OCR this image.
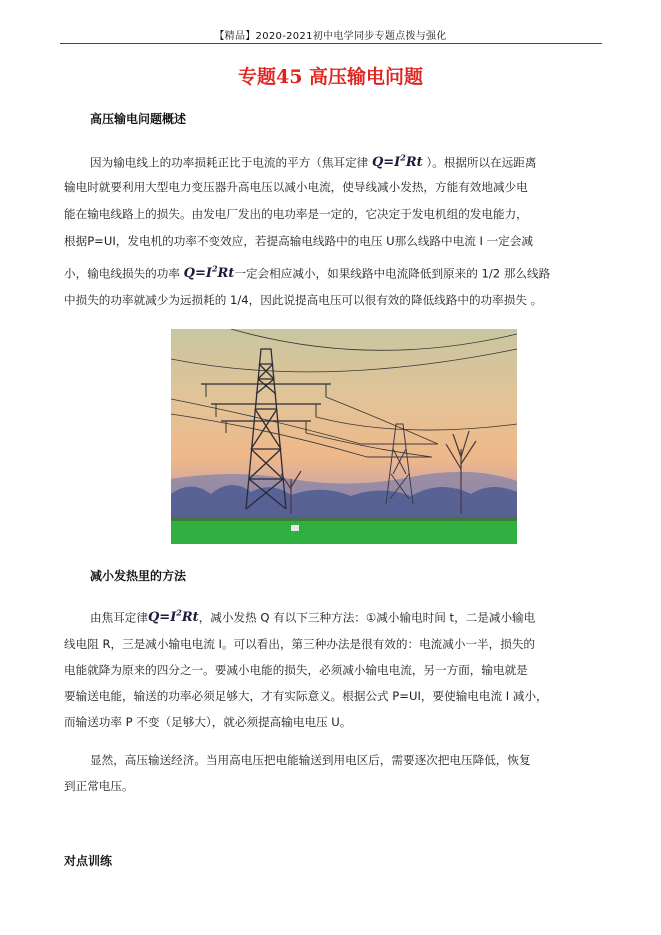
【精品】2020-2021初中电学同步专题点拨与强化
专题45 高压输电问题
高压输电问题概述
因为输电线上的功率损耗正比于电流的平方（焦耳定律 $Q=I^2Rt$ ）。根据所以在远距离
输电时就要利用大型电力变压器升高电压以减小电流，使导线减小发热，方能有效地减少电
能在输电线路上的损失。由发电厂发出的电功率是一定的，它决定于发电机组的发电能力，
根据P=UI，发电机的功率不变效应，若提高输电线路中的电压 U那么线路中电流 I 一定会减
小，输电线损失的功率 $Q=I^2Rt$一定会相应减小，如果线路中电流降低到原来的 1/2 那么线路
中损失的功率就减少为远损耗的 1/4，因此说提高电压可以很有效的降低线路中的功率损失 。
减小发热里的方法
由焦耳定律$Q=I^2Rt$，减小发热 Q 有以下三种方法：①减小输电时间 t，二是减小输电
线电阻 R，三是减小输电电流 I。可以看出，第三种办法是很有效的：电流减小一半，损失的
电能就降为原来的四分之一。要减小电能的损失，必须减小输电电流，另一方面，输电就是
要输送电能，输送的功率必须足够大，才有实际意义。根据公式 P=UI，要使输电电流 I 减小，
而输送功率 P 不变（足够大），就必须提高输电电压 U。
显然，高压输送经济。当用高电压把电能输送到用电区后，需要逐次把电压降低，恢复
到正常电压。
对点训练
